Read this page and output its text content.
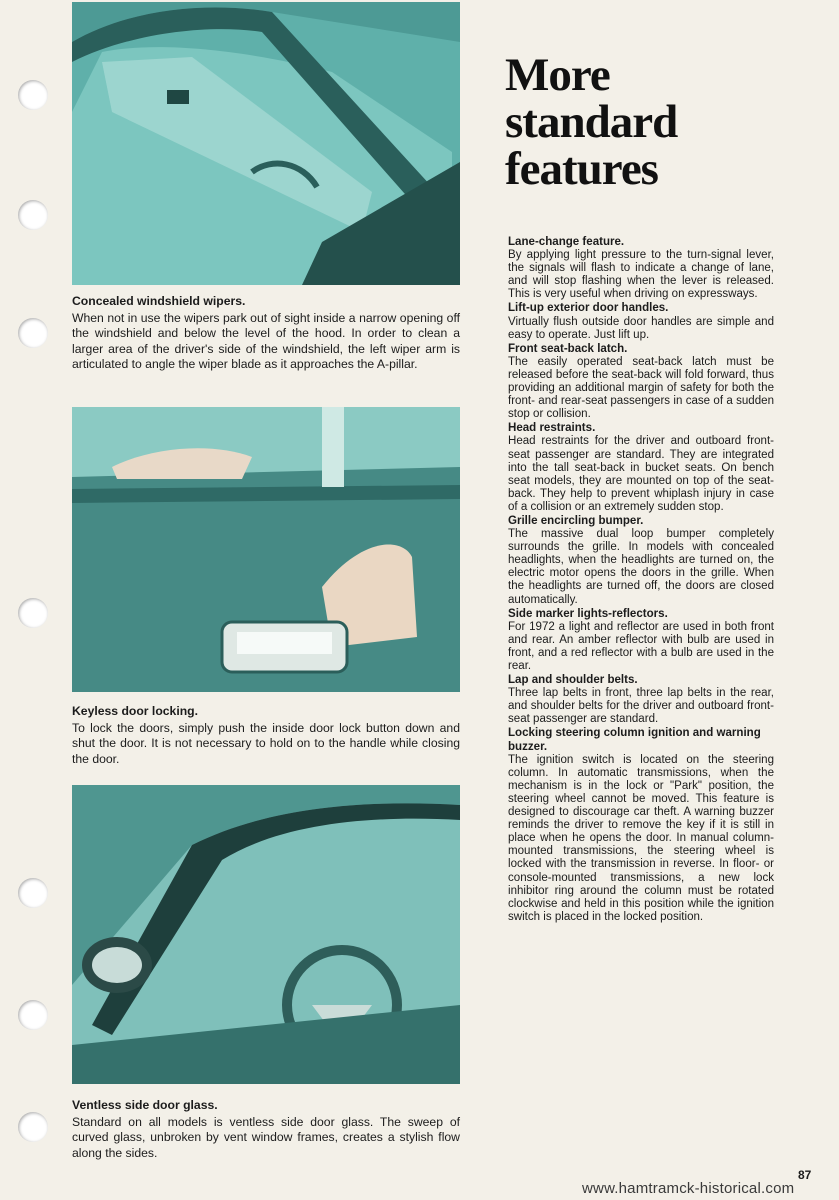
Concealed windshield wipers.
When not in use the wipers park out of sight inside a narrow opening off the windshield and below the level of the hood. In order to clean a larger area of the driver's side of the windshield, the left wiper arm is articulated to angle the wiper blade as it approaches the A-pillar.
Keyless door locking.
To lock the doors, simply push the inside door lock button down and shut the door. It is not necessary to hold on to the handle while closing the door.
Ventless side door glass.
Standard on all models is ventless side door glass. The sweep of curved glass, unbroken by vent window frames, creates a stylish flow along the sides.
More
standard
features
Lane-change feature.
By applying light pressure to the turn-signal lever, the signals will flash to indicate a change of lane, and will stop flashing when the lever is released. This is very useful when driving on expressways.
Lift-up exterior door handles.
Virtually flush outside door handles are simple and easy to operate. Just lift up.
Front seat-back latch.
The easily operated seat-back latch must be released before the seat-back will fold forward, thus providing an additional margin of safety for both the front- and rear-seat passengers in case of a sudden stop or collision.
Head restraints.
Head restraints for the driver and outboard front-seat passenger are standard. They are integrated into the tall seat-back in bucket seats. On bench seat models, they are mounted on top of the seat-back. They help to prevent whiplash injury in case of a collision or an extremely sudden stop.
Grille encircling bumper.
The massive dual loop bumper completely surrounds the grille. In models with concealed headlights, when the headlights are turned on, the electric motor opens the doors in the grille. When the headlights are turned off, the doors are closed automatically.
Side marker lights-reflectors.
For 1972 a light and reflector are used in both front and rear. An amber reflector with bulb are used in front, and a red reflector with a bulb are used in the rear.
Lap and shoulder belts.
Three lap belts in front, three lap belts in the rear, and shoulder belts for the driver and outboard front-seat passenger are standard.
Locking steering column ignition and warning buzzer.
The ignition switch is located on the steering column. In automatic transmissions, when the mechanism is in the lock or "Park" position, the steering wheel cannot be moved. This feature is designed to discourage car theft. A warning buzzer reminds the driver to remove the key if it is still in place when he opens the door. In manual column-mounted transmissions, the steering wheel is locked with the transmission in reverse. In floor- or console-mounted transmissions, a new lock inhibitor ring around the column must be rotated clockwise and held in this position while the ignition switch is placed in the locked position.
87
www.hamtramck-historical.com
